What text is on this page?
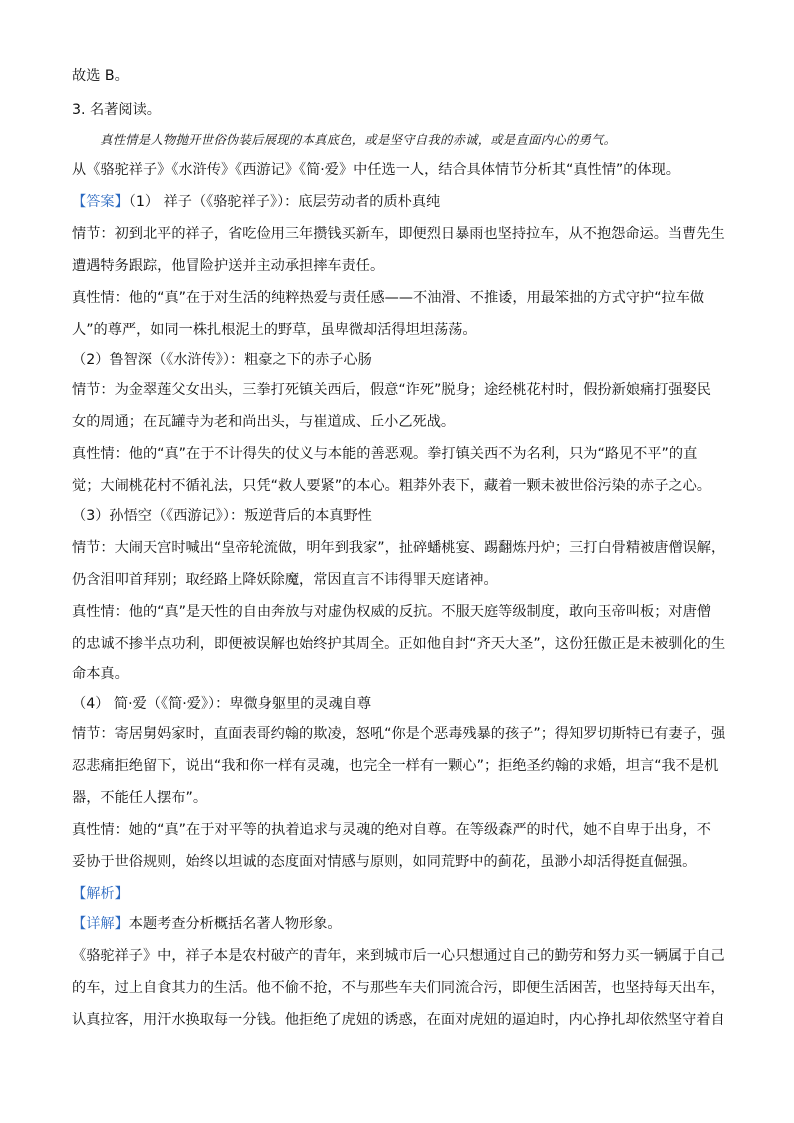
故选 B。
3. 名著阅读。
真性情是人物抛开世俗伪装后展现的本真底色，或是坚守自我的赤诚，或是直面内心的勇气。
从《骆驼祥子》《水浒传》《西游记》《简·爱》中任选一人，结合具体情节分析其“真性情”的体现。
【答案】（1） 祥子（《骆驼祥子》）：底层劳动者的质朴真纯
情节：初到北平的祥子，省吃俭用三年攒钱买新车，即便烈日暴雨也坚持拉车，从不抱怨命运。当曹先生
遭遇特务跟踪，他冒险护送并主动承担摔车责任。
真性情：他的“真”在于对生活的纯粹热爱与责任感——不油滑、不推诿，用最笨拙的方式守护“拉车做
人”的尊严，如同一株扎根泥土的野草，虽卑微却活得坦坦荡荡。
（2）鲁智深（《水浒传》）：粗豪之下的赤子心肠
情节：为金翠莲父女出头，三拳打死镇关西后，假意“诈死”脱身；途经桃花村时，假扮新娘痛打强娶民
女的周通；在瓦罐寺为老和尚出头，与崔道成、丘小乙死战。
真性情：他的“真”在于不计得失的仗义与本能的善恶观。拳打镇关西不为名利，只为“路见不平”的直
觉；大闹桃花村不循礼法，只凭“救人要紧”的本心。粗莽外表下，藏着一颗未被世俗污染的赤子之心。
（3）孙悟空（《西游记》）：叛逆背后的本真野性
情节：大闹天宫时喊出“皇帝轮流做，明年到我家”，扯碎蟠桃宴、踢翻炼丹炉；三打白骨精被唐僧误解，
仍含泪叩首拜别；取经路上降妖除魔，常因直言不讳得罪天庭诸神。
真性情：他的“真”是天性的自由奔放与对虚伪权威的反抗。不服天庭等级制度，敢向玉帝叫板；对唐僧
的忠诚不掺半点功利，即便被误解也始终护其周全。正如他自封“齐天大圣”，这份狂傲正是未被驯化的生
命本真。
（4） 简·爱（《简·爱》）：卑微身躯里的灵魂自尊
情节：寄居舅妈家时，直面表哥约翰的欺凌，怒吼“你是个恶毒残暴的孩子”；得知罗切斯特已有妻子，强
忍悲痛拒绝留下，说出“我和你一样有灵魂，也完全一样有一颗心”；拒绝圣约翰的求婚，坦言“我不是机
器，不能任人摆布”。
真性情：她的“真”在于对平等的执着追求与灵魂的绝对自尊。在等级森严的时代，她不自卑于出身，不
妥协于世俗规则，始终以坦诚的态度面对情感与原则，如同荒野中的蓟花，虽渺小却活得挺直倔强。
【解析】
【详解】本题考查分析概括名著人物形象。
《骆驼祥子》中，祥子本是农村破产的青年，来到城市后一心只想通过自己的勤劳和努力买一辆属于自己
的车，过上自食其力的生活。他不偷不抢，不与那些车夫们同流合污，即便生活困苦，也坚持每天出车，
认真拉客，用汗水换取每一分钱。他拒绝了虎妞的诱惑，在面对虎妞的逼迫时，内心挣扎却依然坚守着自
